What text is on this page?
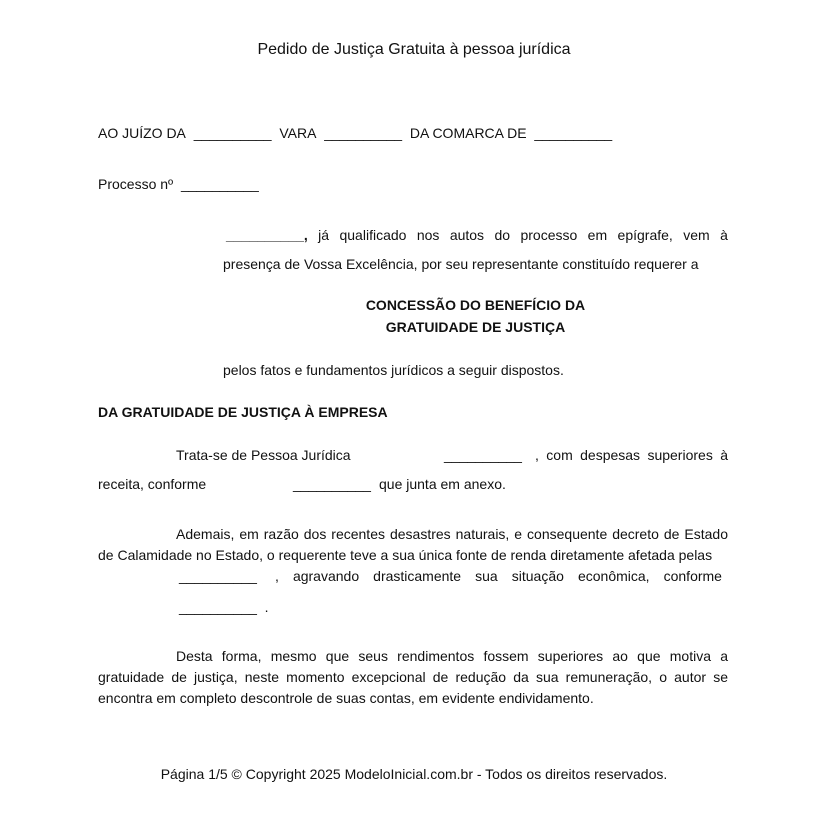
Pedido de Justiça Gratuita à pessoa jurídica
AO JUÍZO DA __________ VARA __________ DA COMARCA DE __________
Processo nº __________
__________, já qualificado nos autos do processo em epígrafe, vem à
presença de Vossa Excelência, por seu representante constituído requerer a
CONCESSÃO DO BENEFÍCIO DA
GRATUIDADE DE JUSTIÇA
pelos fatos e fundamentos jurídicos a seguir dispostos.
DA GRATUIDADE DE JUSTIÇA À EMPRESA
Trata-se de Pessoa Jurídica	__________ , com despesas superiores à
receita, conforme	__________ que junta em anexo.
Ademais, em razão dos recentes desastres naturais, e consequente decreto de Estado
de Calamidade no Estado, o requerente teve a sua única fonte de renda diretamente afetada pelas
__________ , agravando drasticamente sua situação econômica, conforme
__________ .
Desta forma, mesmo que seus rendimentos fossem superiores ao que motiva a
gratuidade de justiça, neste momento excepcional de redução da sua remuneração, o autor se
encontra em completo descontrole de suas contas, em evidente endividamento.
Página 1/5 © Copyright 2025 ModeloInicial.com.br - Todos os direitos reservados.
